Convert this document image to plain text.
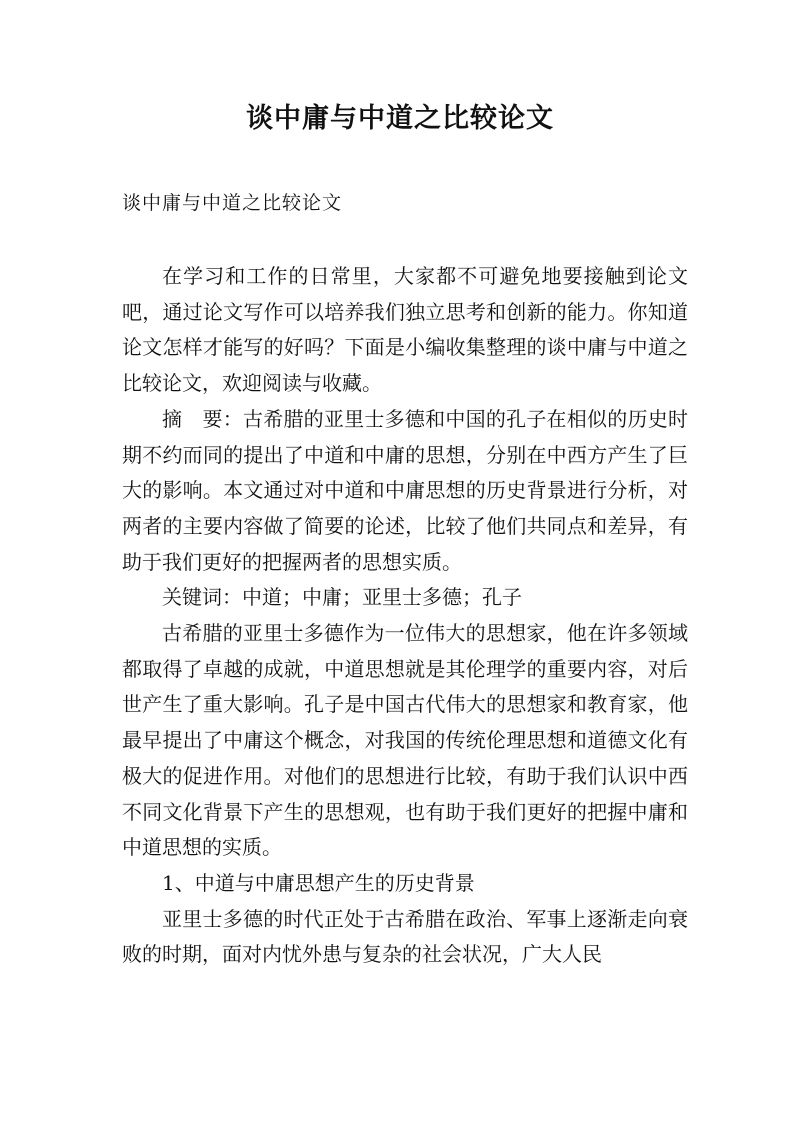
谈中庸与中道之比较论文
谈中庸与中道之比较论文

在学习和工作的日常里，大家都不可避免地要接触到论文吧，通过论文写作可以培养我们独立思考和创新的能力。你知道论文怎样才能写的好吗？下面是小编收集整理的谈中庸与中道之比较论文，欢迎阅读与收藏。

摘　要：古希腊的亚里士多德和中国的孔子在相似的历史时期不约而同的提出了中道和中庸的思想，分别在中西方产生了巨大的影响。本文通过对中道和中庸思想的历史背景进行分析，对两者的主要内容做了简要的论述，比较了他们共同点和差异，有助于我们更好的把握两者的思想实质。

关键词：中道；中庸；亚里士多德；孔子

古希腊的亚里士多德作为一位伟大的思想家，他在许多领域都取得了卓越的成就，中道思想就是其伦理学的重要内容，对后世产生了重大影响。孔子是中国古代伟大的思想家和教育家，他最早提出了中庸这个概念，对我国的传统伦理思想和道德文化有极大的促进作用。对他们的思想进行比较，有助于我们认识中西不同文化背景下产生的思想观，也有助于我们更好的把握中庸和中道思想的实质。

1、中道与中庸思想产生的历史背景

亚里士多德的时代正处于古希腊在政治、军事上逐渐走向衰败的时期，面对内忧外患与复杂的社会状况，广大人民
